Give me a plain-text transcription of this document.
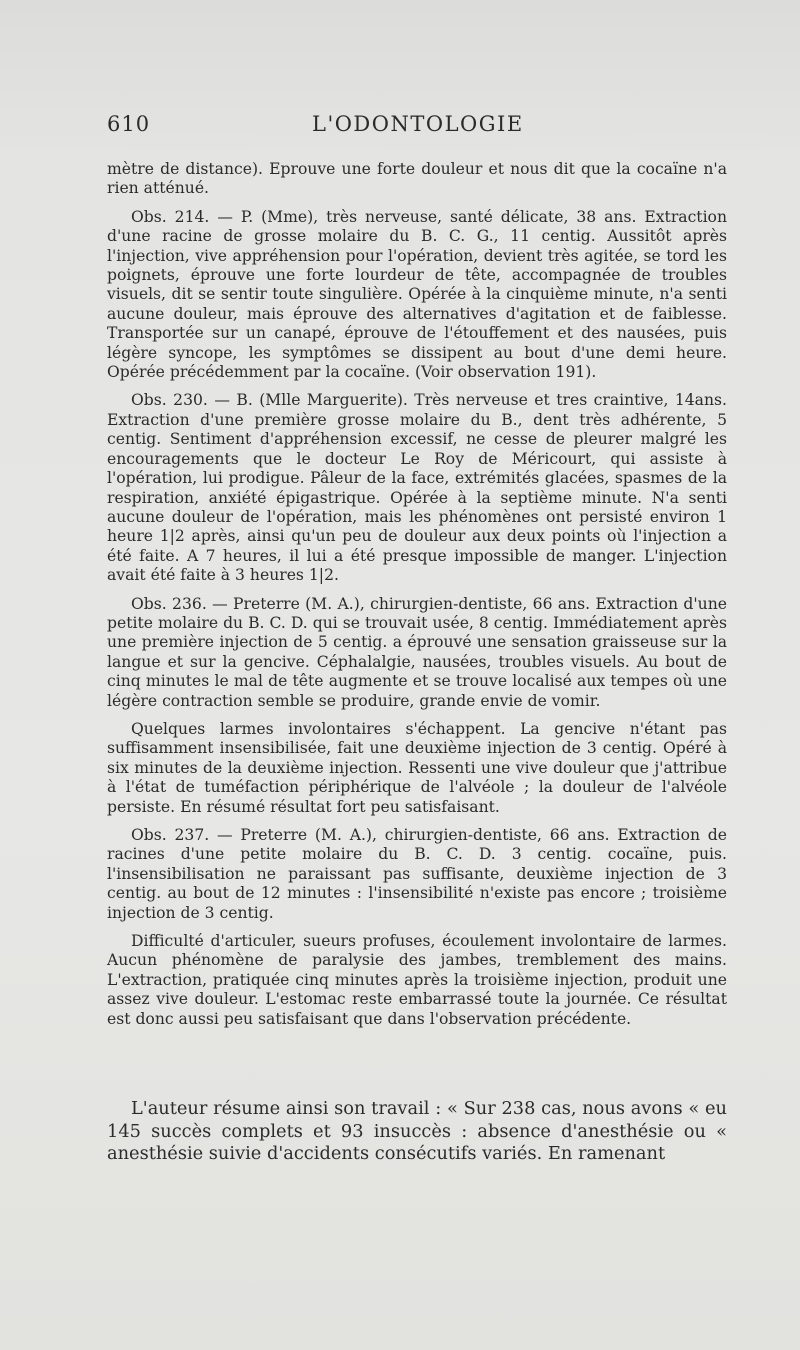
610	L'ODONTOLOGIE

mètre de distance). Eprouve une forte douleur et nous dit que la cocaïne n'a rien atténué.

Obs. 214. — P. (Mme), très nerveuse, santé délicate, 38 ans. Extraction d'une racine de grosse molaire du B. C. G., 11 centig. Aussitôt après l'injection, vive appréhension pour l'opération, devient très agitée, se tord les poignets, éprouve une forte lourdeur de tête, accompagnée de troubles visuels, dit se sentir toute singulière. Opérée à la cinquième minute, n'a senti aucune douleur, mais éprouve des alternatives d'agitation et de faiblesse. Transportée sur un canapé, éprouve de l'étouffement et des nausées, puis légère syncope, les symptômes se dissipent au bout d'une demi heure. Opérée précédemment par la cocaïne. (Voir observation 191).

Obs. 230. — B. (Mlle Marguerite). Très nerveuse et tres craintive, 14ans. Extraction d'une première grosse molaire du B., dent très adhérente, 5 centig. Sentiment d'appréhension excessif, ne cesse de pleurer malgré les encouragements que le docteur Le Roy de Méricourt, qui assiste à l'opération, lui prodigue. Pâleur de la face, extrémités glacées, spasmes de la respiration, anxiété épigastrique. Opérée à la septième minute. N'a senti aucune douleur de l'opération, mais les phénomènes ont persisté environ 1 heure 1|2 après, ainsi qu'un peu de douleur aux deux points où l'injection a été faite. A 7 heures, il lui a été presque impossible de manger. L'injection avait été faite à 3 heures 1|2.

Obs. 236. — Preterre (M. A.), chirurgien-dentiste, 66 ans. Extraction d'une petite molaire du B. C. D. qui se trouvait usée, 8 centig. Immédiatement après une première injection de 5 centig. a éprouvé une sensation graisseuse sur la langue et sur la gencive. Céphalalgie, nausées, troubles visuels. Au bout de cinq minutes le mal de tête augmente et se trouve localisé aux tempes où une légère contraction semble se produire, grande envie de vomir.

Quelques larmes involontaires s'échappent. La gencive n'étant pas suffisamment insensibilisée, fait une deuxième injection de 3 centig. Opéré à six minutes de la deuxième injection. Ressenti une vive douleur que j'attribue à l'état de tuméfaction périphérique de l'alvéole ; la douleur de l'alvéole persiste. En résumé résultat fort peu satisfaisant.

Obs. 237. — Preterre (M. A.), chirurgien-dentiste, 66 ans. Extraction de racines d'une petite molaire du B. C. D. 3 centig. cocaïne, puis. l'insensibilisation ne paraissant pas suffisante, deuxième injection de 3 centig. au bout de 12 minutes : l'insensibilité n'existe pas encore ; troisième injection de 3 centig.

Difficulté d'articuler, sueurs profuses, écoulement involontaire de larmes. Aucun phénomène de paralysie des jambes, tremblement des mains. L'extraction, pratiquée cinq minutes après la troisième injection, produit une assez vive douleur. L'estomac reste embarrassé toute la journée. Ce résultat est donc aussi peu satisfaisant que dans l'observation précédente.

L'auteur résume ainsi son travail : « Sur 238 cas, nous avons « eu 145 succès complets et 93 insuccès : absence d'anesthésie ou « anesthésie suivie d'accidents consécutifs variés. En ramenant
